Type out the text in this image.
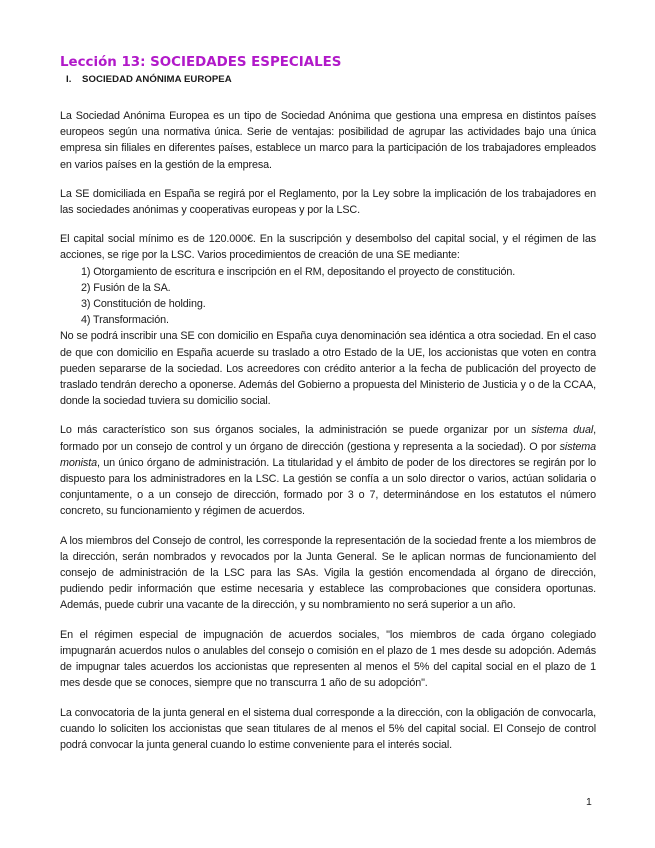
Lección 13: SOCIEDADES ESPECIALES
I. SOCIEDAD ANÓNIMA EUROPEA

La Sociedad Anónima Europea es un tipo de Sociedad Anónima que gestiona una empresa en distintos países europeos según una normativa única. Serie de ventajas: posibilidad de agrupar las actividades bajo una única empresa sin filiales en diferentes países, establece un marco para la participación de los trabajadores empleados en varios países en la gestión de la empresa.

La SE domiciliada en España se regirá por el Reglamento, por la Ley sobre la implicación de los trabajadores en las sociedades anónimas y cooperativas europeas y por la LSC.

El capital social mínimo es de 120.000€. En la suscripción y desembolso del capital social, y el régimen de las acciones, se rige por la LSC. Varios procedimientos de creación de una SE mediante:

1) Otorgamiento de escritura e inscripción en el RM, depositando el proyecto de constitución.
2) Fusión de la SA.
3) Constitución de holding.
4) Transformación.

No se podrá inscribir una SE con domicilio en España cuya denominación sea idéntica a otra sociedad. En el caso de que con domicilio en España acuerde su traslado a otro Estado de la UE, los accionistas que voten en contra pueden separarse de la sociedad. Los acreedores con crédito anterior a la fecha de publicación del proyecto de traslado tendrán derecho a oponerse. Además del Gobierno a propuesta del Ministerio de Justicia y o de la CCAA, donde la sociedad tuviera su domicilio social.

Lo más característico son sus órganos sociales, la administración se puede organizar por un sistema dual, formado por un consejo de control y un órgano de dirección (gestiona y representa a la sociedad). O por sistema monista, un único órgano de administración. La titularidad y el ámbito de poder de los directores se regirán por lo dispuesto para los administradores en la LSC. La gestión se confía a un solo director o varios, actúan solidaria o conjuntamente, o a un consejo de dirección, formado por 3 o 7, determinándose en los estatutos el número concreto, su funcionamiento y régimen de acuerdos.

A los miembros del Consejo de control, les corresponde la representación de la sociedad frente a los miembros de la dirección, serán nombrados y revocados por la Junta General. Se le aplican normas de funcionamiento del consejo de administración de la LSC para las SAs. Vigila la gestión encomendada al órgano de dirección, pudiendo pedir información que estime necesaria y establece las comprobaciones que considera oportunas. Además, puede cubrir una vacante de la dirección, y su nombramiento no será superior a un año.

En el régimen especial de impugnación de acuerdos sociales, "los miembros de cada órgano colegiado impugnarán acuerdos nulos o anulables del consejo o comisión en el plazo de 1 mes desde su adopción. Además de impugnar tales acuerdos los accionistas que representen al menos el 5% del capital social en el plazo de 1 mes desde que se conoces, siempre que no transcurra 1 año de su adopción".

La convocatoria de la junta general en el sistema dual corresponde a la dirección, con la obligación de convocarla, cuando lo soliciten los accionistas que sean titulares de al menos el 5% del capital social. El Consejo de control podrá convocar la junta general cuando lo estime conveniente para el interés social.

1
